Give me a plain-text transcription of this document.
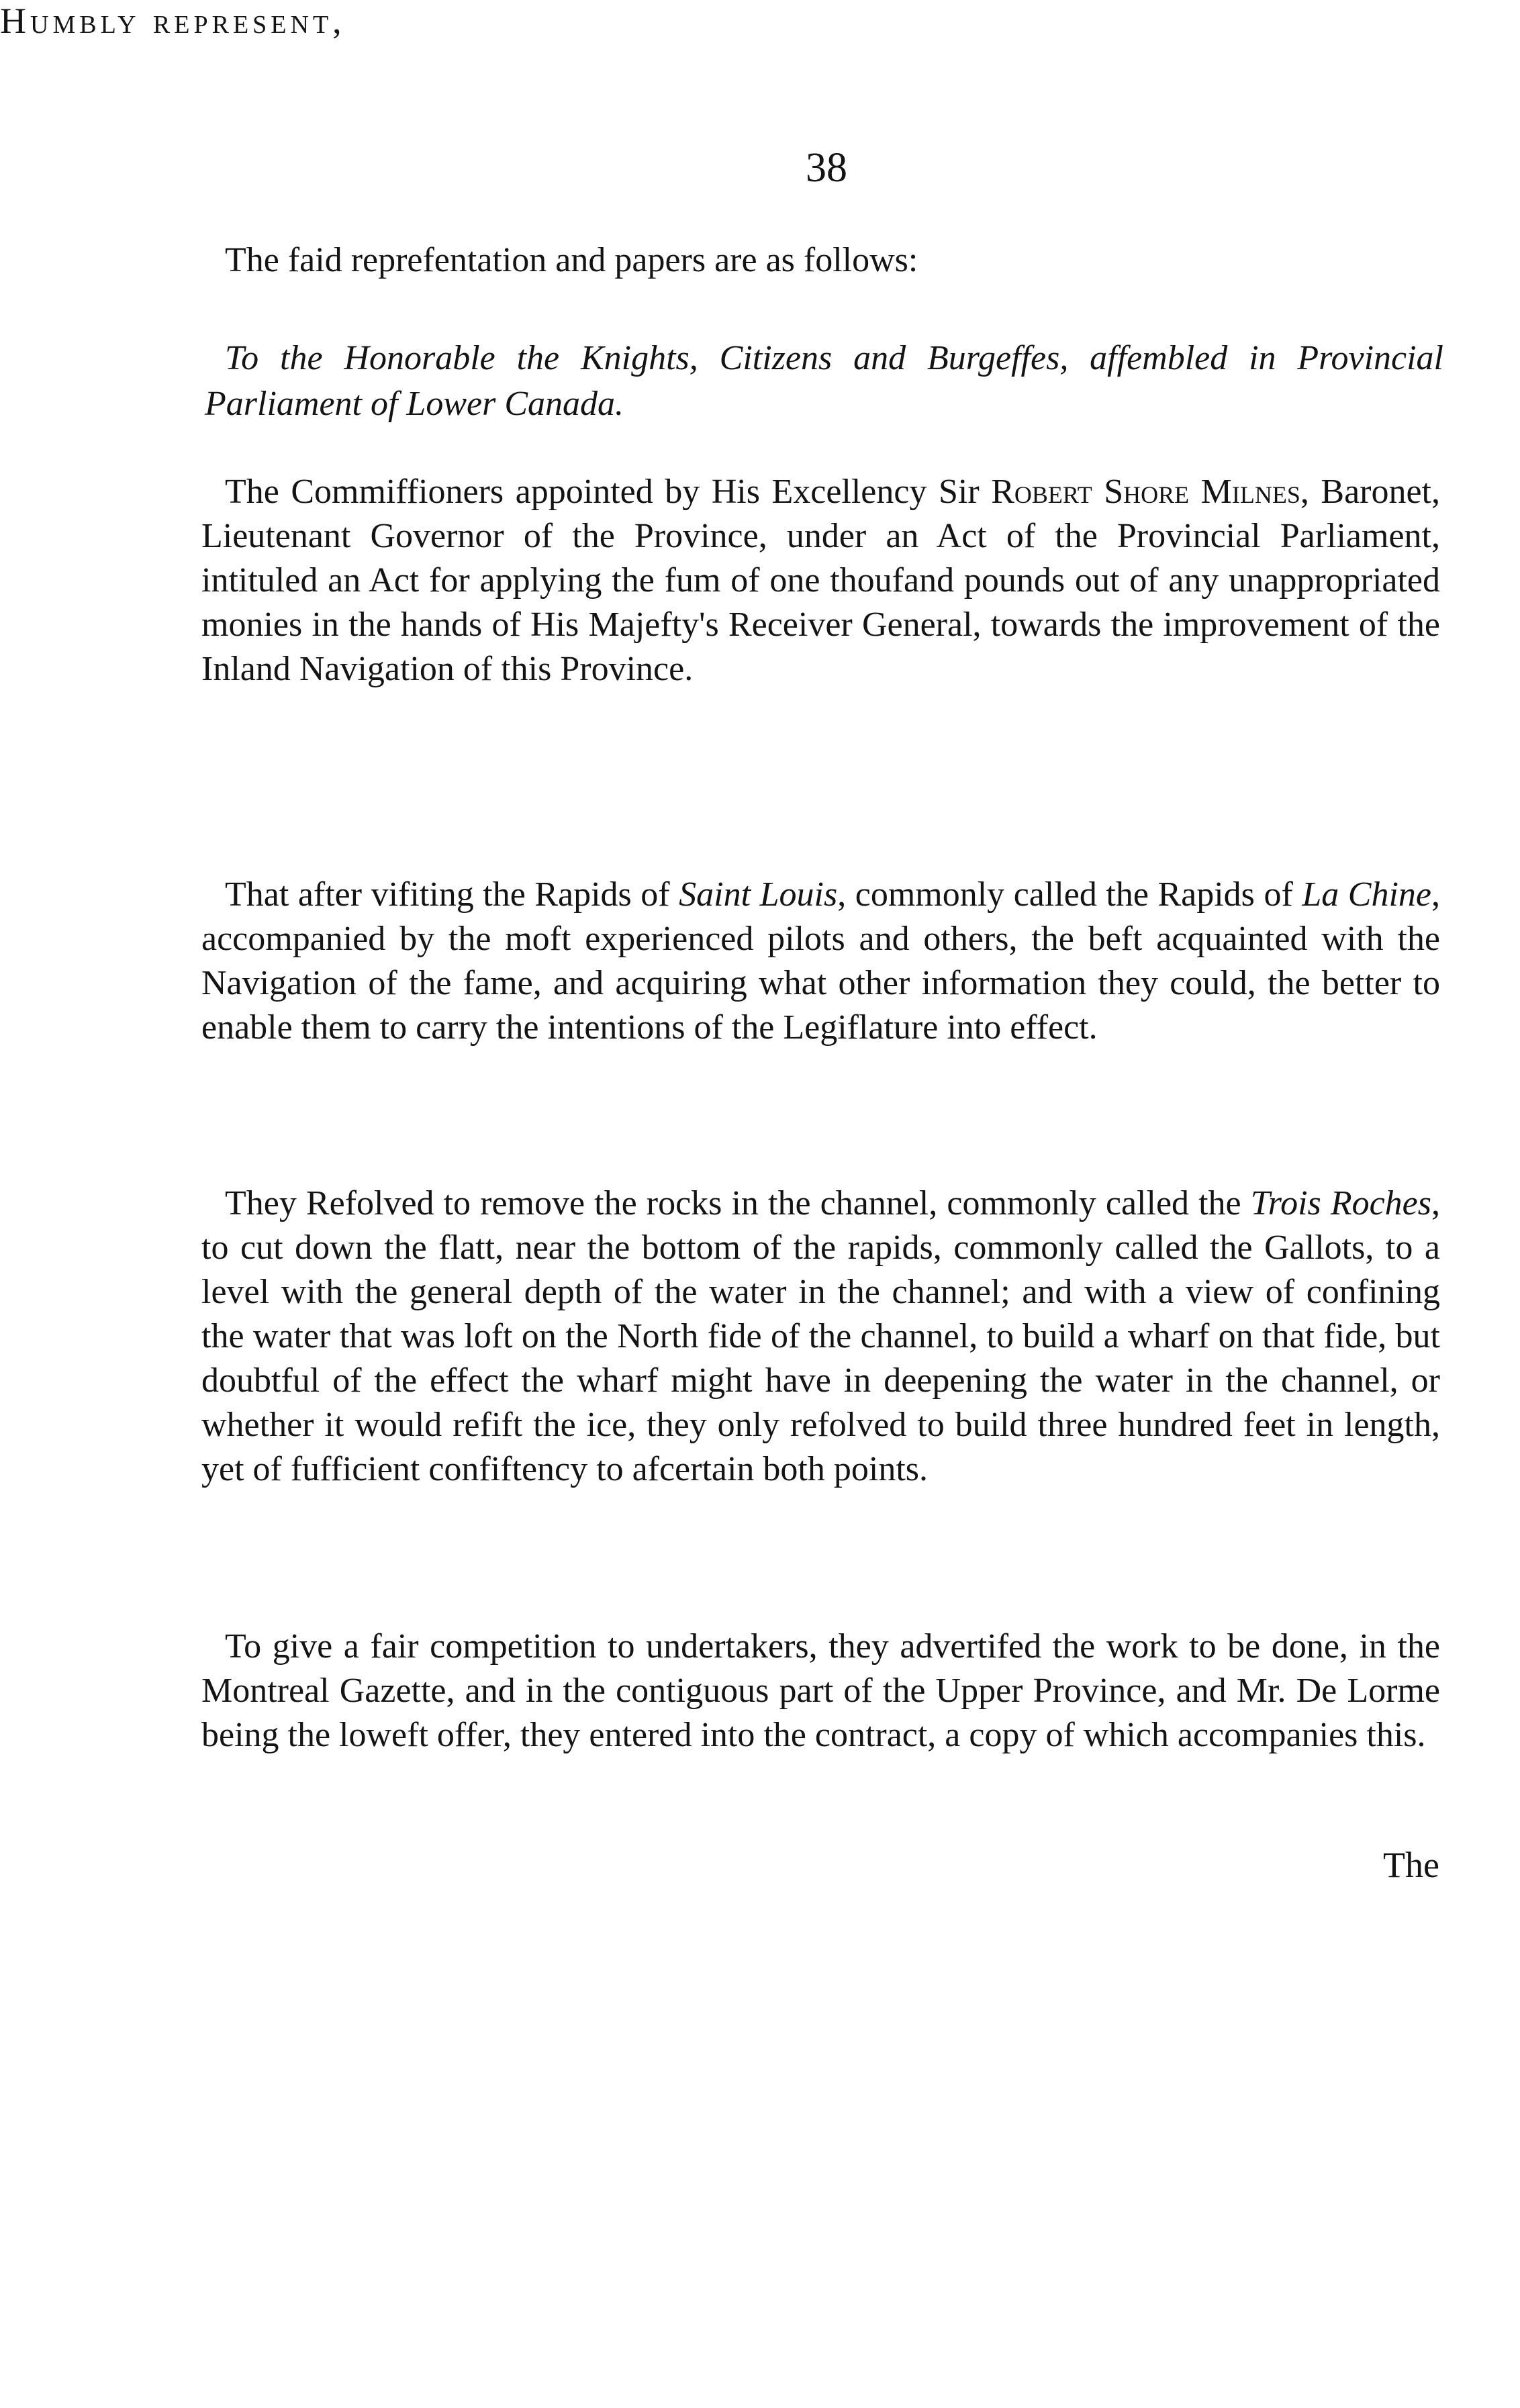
38
The faid reprefentation and papers are as follows:
To the Honorable the Knights, Citizens and Burgeffes, affembled in Provincial Parliament of Lower Canada.
The Commiffioners appointed by His Excellency Sir Robert Shore Milnes, Baronet, Lieutenant Governor of the Province, under an Act of the Provincial Parliament, intituled an Act for applying the fum of one thoufand pounds out of any unappropriated monies in the hands of His Majefty's Receiver General, towards the improvement of the Inland Navigation of this Province.
Humbly represent,
That after vifiting the Rapids of Saint Louis, commonly called the Rapids of La Chine, accompanied by the moft experienced pilots and others, the beft acquainted with the Navigation of the fame, and acquiring what other information they could, the better to enable them to carry the intentions of the Legiflature into effect.
They Refolved to remove the rocks in the channel, commonly called the Trois Roches, to cut down the flatt, near the bottom of the rapids, commonly called the Gallots, to a level with the general depth of the water in the channel; and with a view of confining the water that was loft on the North fide of the channel, to build a wharf on that fide, but doubtful of the effect the wharf might have in deepening the water in the channel, or whether it would refift the ice, they only refolved to build three hundred feet in length, yet of fufficient confiftency to afcertain both points.
To give a fair competition to undertakers, they advertifed the work to be done, in the Montreal Gazette, and in the contiguous part of the Upper Province, and Mr. De Lorme being the loweft offer, they entered into the contract, a copy of which accompanies this.
The
